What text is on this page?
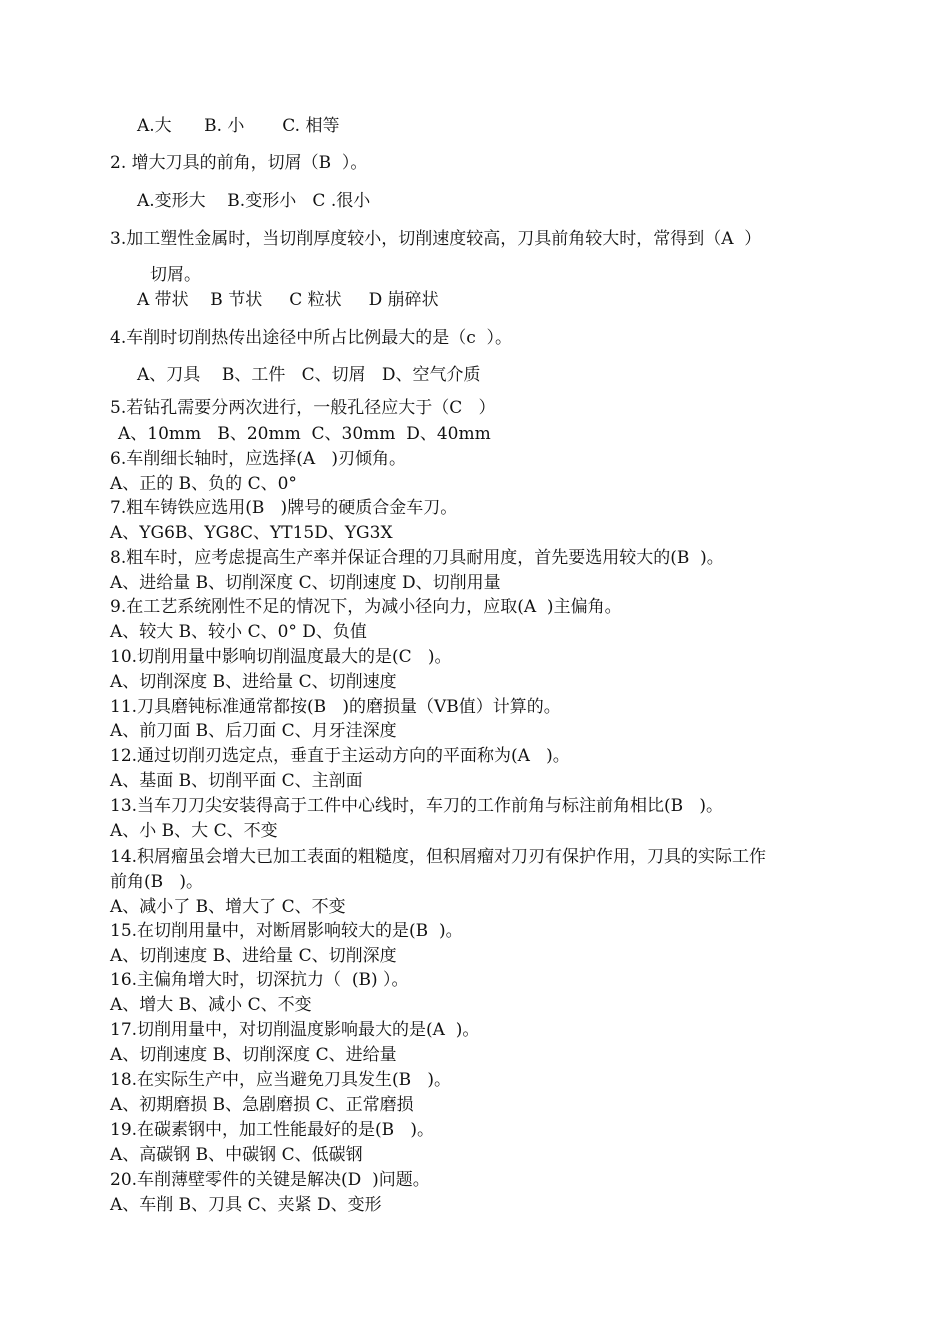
A.大      B. 小       C. 相等
2. 增大刀具的前角，切屑（B  ）。
A.变形大    B.变形小   C .很小
3.加工塑性金属时，当切削厚度较小，切削速度较高，刀具前角较大时，常得到（A  ）
切屑。
A 带状    B 节状     C 粒状     D 崩碎状
4.车削时切削热传出途径中所占比例最大的是（c  ）。
A、刀具    B、工件   C、切屑   D、空气介质
5.若钻孔需要分两次进行，一般孔径应大于（C   ）
A、10mm   B、20mm  C、30mm  D、40mm
6.车削细长轴时，应选择(A   )刃倾角。
A、正的 B、负的 C、0°
7.粗车铸铁应选用(B   )牌号的硬质合金车刀。
A、YG6B、YG8C、YT15D、YG3X
8.粗车时，应考虑提高生产率并保证合理的刀具耐用度，首先要选用较大的(B  )。
A、进给量 B、切削深度 C、切削速度 D、切削用量
9.在工艺系统刚性不足的情况下，为减小径向力，应取(A  )主偏角。
A、较大 B、较小 C、0° D、负值
10.切削用量中影响切削温度最大的是(C   )。
A、切削深度 B、进给量 C、切削速度
11.刀具磨钝标准通常都按(B   )的磨损量（VB值）计算的。
A、前刀面 B、后刀面 C、月牙洼深度
12.通过切削刃选定点，垂直于主运动方向的平面称为(A   )。
A、基面 B、切削平面 C、主剖面
13.当车刀刀尖安装得高于工件中心线时，车刀的工作前角与标注前角相比(B   )。
A、小 B、大 C、不变
14.积屑瘤虽会增大已加工表面的粗糙度，但积屑瘤对刀刃有保护作用，刀具的实际工作
前角(B   )。
A、减小了 B、增大了 C、不变
15.在切削用量中，对断屑影响较大的是(B  )。
A、切削速度 B、进给量 C、切削深度
16.主偏角增大时，切深抗力（  (B) ）。
A、增大 B、减小 C、不变
17.切削用量中，对切削温度影响最大的是(A  )。
A、切削速度 B、切削深度 C、进给量
18.在实际生产中，应当避免刀具发生(B   )。
A、初期磨损 B、急剧磨损 C、正常磨损
19.在碳素钢中，加工性能最好的是(B   )。
A、高碳钢 B、中碳钢 C、低碳钢
20.车削薄壁零件的关键是解决(D  )问题。
A、车削 B、刀具 C、夹紧 D、变形
